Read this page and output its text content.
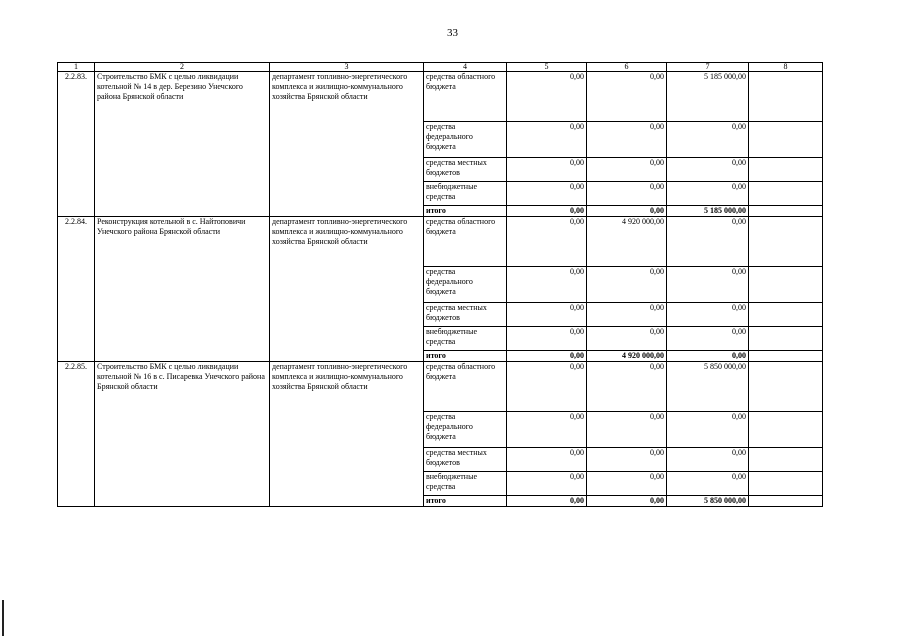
33
1	2	3	4	5	6	7	8
2.2.83.	Строительство БМК с целью ликвидации котельной № 14 в дер. Березино Унечского района Брянской области	департамент топливно-энергетического комплекса и жилищно-коммунального хозяйства Брянской области	средства областного бюджета	0,00	0,00	5 185 000,00	
			средства федерального бюджета	0,00	0,00	0,00	
			средства местных бюджетов	0,00	0,00	0,00	
			внебюджетные средства	0,00	0,00	0,00	
			итого	0,00	0,00	5 185 000,00	
2.2.84.	Реконструкция котельной в с. Найтоповичи Унечского района Брянской области	департамент топливно-энергетического комплекса и жилищно-коммунального хозяйства Брянской области	средства областного бюджета	0,00	4 920 000,00	0,00	
			средства федерального бюджета	0,00	0,00	0,00	
			средства местных бюджетов	0,00	0,00	0,00	
			внебюджетные средства	0,00	0,00	0,00	
			итого	0,00	4 920 000,00	0,00	
2.2.85.	Строительство БМК с целью ликвидации котельной № 16 в с. Писаревка Унечского района Брянской области	департамент топливно-энергетического комплекса и жилищно-коммунального хозяйства Брянской области	средства областного бюджета	0,00	0,00	5 850 000,00	
			средства федерального бюджета	0,00	0,00	0,00	
			средства местных бюджетов	0,00	0,00	0,00	
			внебюджетные средства	0,00	0,00	0,00	
			итого	0,00	0,00	5 850 000,00	
